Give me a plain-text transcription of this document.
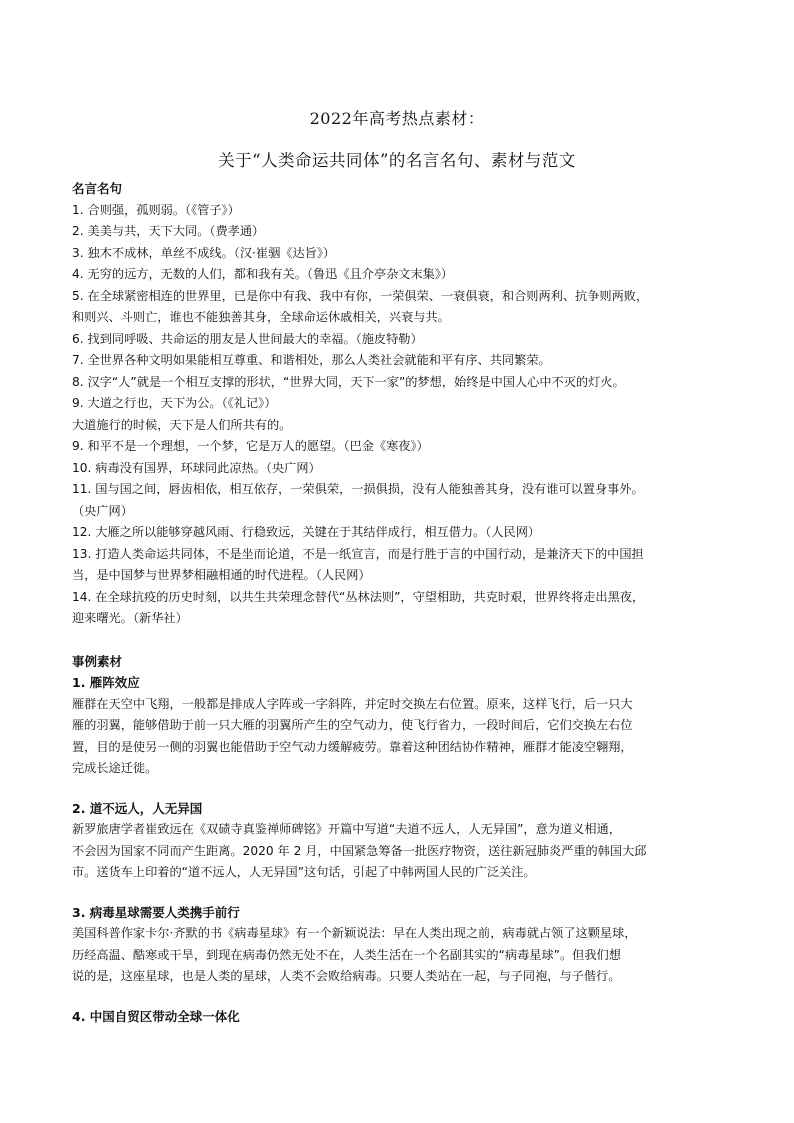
2022年高考热点素材：
关于“人类命运共同体”的名言名句、素材与范文
名言名句
1. 合则强，孤则弱。（《管子》）
2. 美美与共，天下大同。（费孝通）
3. 独木不成林，单丝不成线。（汉·崔骃《达旨》）
4. 无穷的远方，无数的人们，都和我有关。（鲁迅《且介亭杂文末集》）
5. 在全球紧密相连的世界里，已是你中有我、我中有你，一荣俱荣、一衰俱衰，和合则两利、抗争则两败，
和则兴、斗则亡，谁也不能独善其身，全球命运休戚相关，兴衰与共。
6. 找到同呼吸、共命运的朋友是人世间最大的幸福。（施皮特勒）
7. 全世界各种文明如果能相互尊重、和谐相处，那么人类社会就能和平有序、共同繁荣。
8. 汉字“人”就是一个相互支撑的形状，“世界大同，天下一家”的梦想，始终是中国人心中不灭的灯火。
9. 大道之行也，天下为公。（《礼记》）
大道施行的时候，天下是人们所共有的。
9. 和平不是一个理想，一个梦，它是万人的愿望。（巴金《寒夜》）
10. 病毒没有国界，环球同此凉热。（央广网）
11. 国与国之间，唇齿相依，相互依存，一荣俱荣，一损俱损，没有人能独善其身，没有谁可以置身事外。
（央广网）
12. 大雁之所以能够穿越风雨、行稳致远，关键在于其结伴成行，相互借力。（人民网）
13. 打造人类命运共同体，不是坐而论道，不是一纸宣言，而是行胜于言的中国行动，是兼济天下的中国担
当，是中国梦与世界梦相融相通的时代进程。（人民网）
14. 在全球抗疫的历史时刻，以共生共荣理念替代“丛林法则”，守望相助，共克时艰，世界终将走出黑夜，
迎来曙光。（新华社）
事例素材
1. 雁阵效应
雁群在天空中飞翔，一般都是排成人字阵或一字斜阵，并定时交换左右位置。原来，这样飞行，后一只大
雁的羽翼，能够借助于前一只大雁的羽翼所产生的空气动力，使飞行省力，一段时间后，它们交换左右位
置，目的是使另一侧的羽翼也能借助于空气动力缓解疲劳。靠着这种团结协作精神，雁群才能凌空翱翔，
完成长途迁徙。
2. 道不远人，人无异国
新罗旅唐学者崔致远在《双碛寺真鉴禅师碑铭》开篇中写道“夫道不远人，人无异国”，意为道义相通，
不会因为国家不同而产生距离。2020 年 2 月，中国紧急筹备一批医疗物资，送往新冠肺炎严重的韩国大邱
市。送货车上印着的“道不远人，人无异国”这句话，引起了中韩两国人民的广泛关注。
3. 病毒星球需要人类携手前行
美国科普作家卡尔·齐默的书《病毒星球》有一个新颖说法：早在人类出现之前，病毒就占领了这颗星球，
历经高温、酷寒或干旱，到现在病毒仍然无处不在，人类生活在一个名副其实的“病毒星球”。但我们想
说的是，这座星球，也是人类的星球，人类不会败给病毒。只要人类站在一起，与子同袍，与子偕行。
4. 中国自贸区带动全球一体化
